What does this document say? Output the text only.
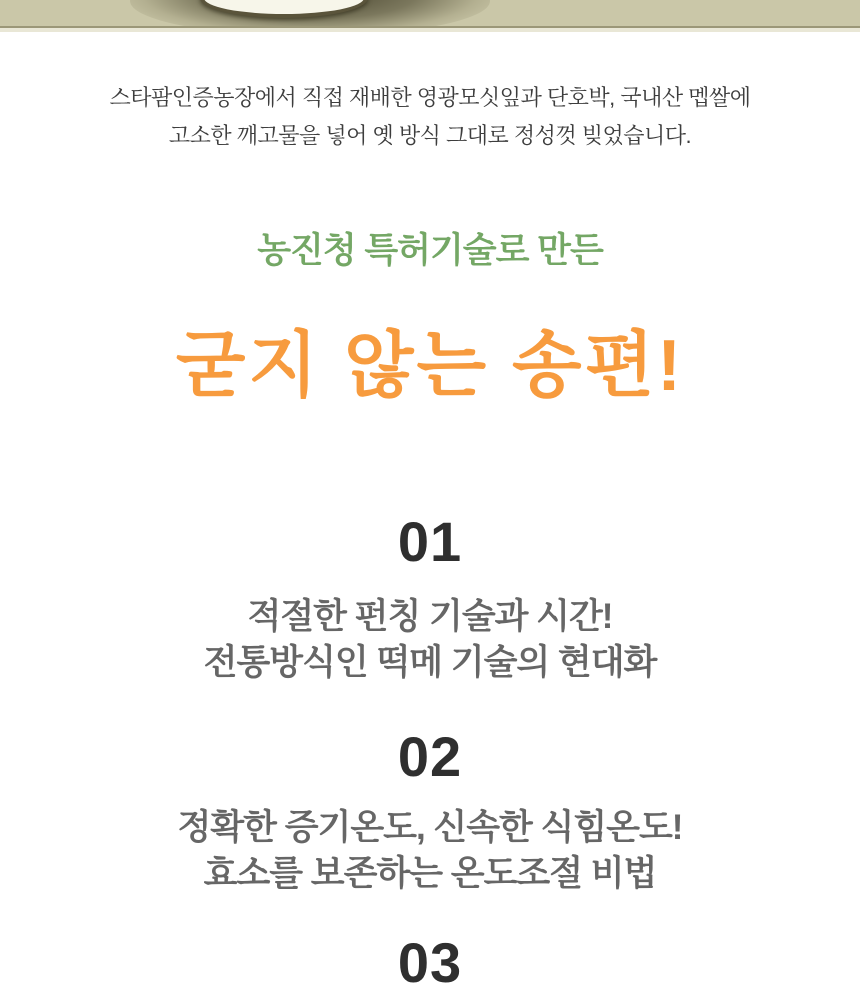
스타팜인증농장에서 직접 재배한 영광모싯잎과 단호박, 국내산 멥쌀에
고소한 깨고물을 넣어 옛 방식 그대로 정성껏 빚었습니다.

농진청 특허기술로 만든
굳지 않는 송편!
01

적절한 펀칭 기술과 시간!
전통방식인 떡메 기술의 현대화

02

정확한 증기온도, 신속한 식힘온도!
효소를 보존하는 온도조절 비법

03
